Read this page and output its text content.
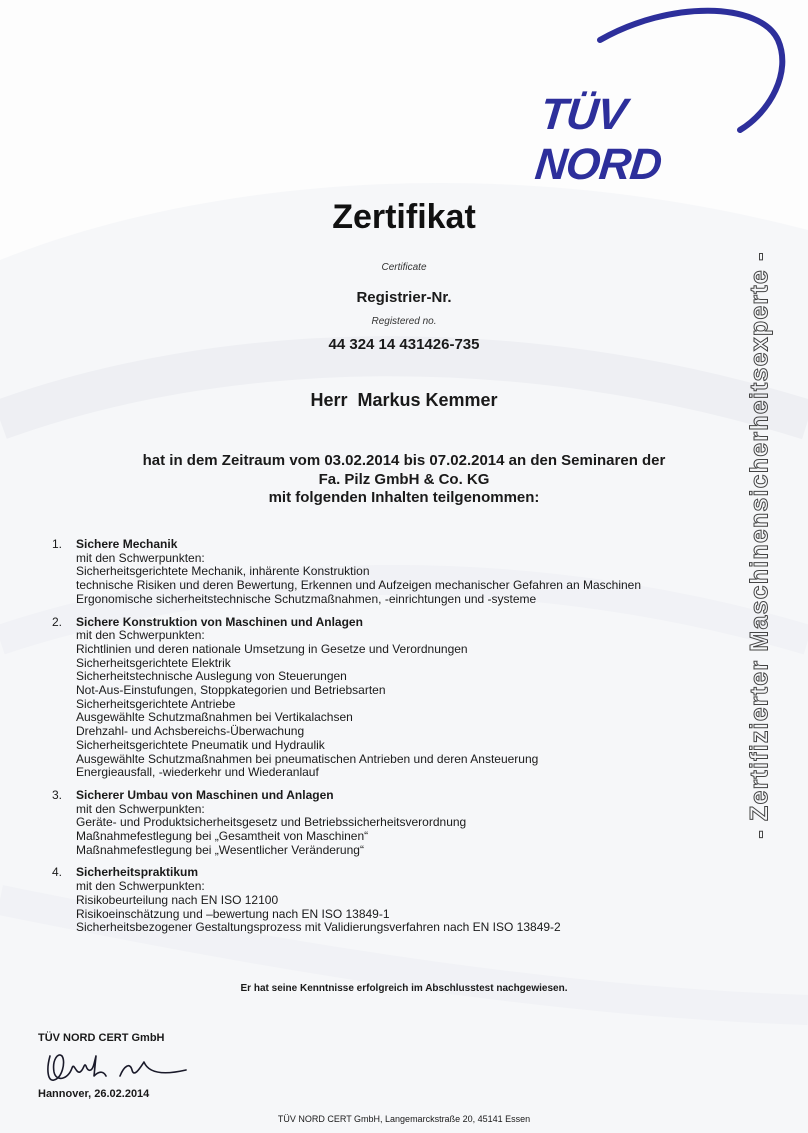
TÜV NORD
- Zertifizierter Maschinensicherheitsexperte -
Zertifikat
Certificate
Registrier-Nr.
Registered no.
44 324 14 431426-735
Herr  Markus Kemmer
hat in dem Zeitraum vom 03.02.2014 bis 07.02.2014 an den Seminaren der
Fa. Pilz GmbH & Co. KG
mit folgenden Inhalten teilgenommen:
1.	Sichere Mechanik
mit den Schwerpunkten:
Sicherheitsgerichtete Mechanik, inhärente Konstruktion
technische Risiken und deren Bewertung, Erkennen und Aufzeigen mechanischer Gefahren an Maschinen
Ergonomische sicherheitstechnische Schutzmaßnahmen, -einrichtungen und -systeme
2.	Sichere Konstruktion von Maschinen und Anlagen
mit den Schwerpunkten:
Richtlinien und deren nationale Umsetzung in Gesetze und Verordnungen
Sicherheitsgerichtete Elektrik
Sicherheitstechnische Auslegung von Steuerungen
Not-Aus-Einstufungen, Stoppkategorien und Betriebsarten
Sicherheitsgerichtete Antriebe
Ausgewählte Schutzmaßnahmen bei Vertikalachsen
Drehzahl- und Achsbereichs-Überwachung
Sicherheitsgerichtete Pneumatik und Hydraulik
Ausgewählte Schutzmaßnahmen bei pneumatischen Antrieben und deren Ansteuerung
Energieausfall, -wiederkehr und Wiederanlauf
3.	Sicherer Umbau von Maschinen und Anlagen
mit den Schwerpunkten:
Geräte- und Produktsicherheitsgesetz und Betriebssicherheitsverordnung
Maßnahmefestlegung bei „Gesamtheit von Maschinen“
Maßnahmefestlegung bei „Wesentlicher Veränderung“
4.	Sicherheitspraktikum
mit den Schwerpunkten:
Risikobeurteilung nach EN ISO 12100
Risikoeinschätzung und –bewertung nach EN ISO 13849-1
Sicherheitsbezogener Gestaltungsprozess mit Validierungsverfahren nach EN ISO 13849-2
Er hat seine Kenntnisse erfolgreich im Abschlusstest nachgewiesen.
TÜV NORD CERT GmbH
Hannover, 26.02.2014
TÜV NORD CERT GmbH, Langemarckstraße 20, 45141 Essen
